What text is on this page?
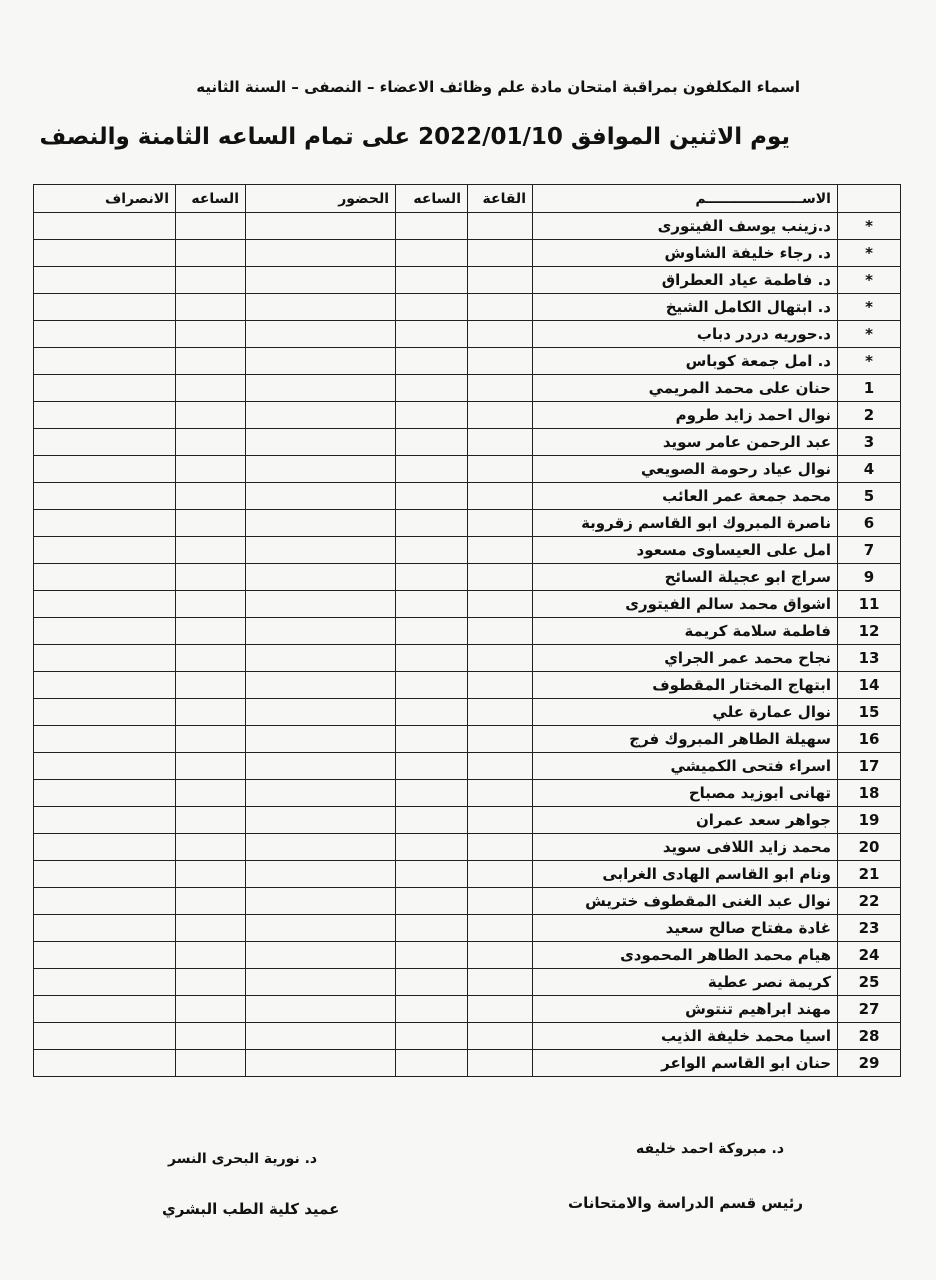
اسماء المكلفون بمراقبة امتحان مادة علم وظائف الاعضاء – النصفى – السنة الثانيه
يوم الاثنين الموافق 2022/01/10 على تمام الساعه الثامنة والنصف
	الاســــــــــــــــــــم	القاعة	الساعه	الحضور	الساعه	الانصراف
*	د.زينب يوسف الفيتورى					
*	د. رجاء خليفة الشاوش					
*	د. فاطمة عياد العطراق					
*	د. ابتهال الكامل الشيخ					
*	د.حوريه دردر دباب					
*	د. امل جمعة كوباس					
1	حنان على محمد المريمي					
2	نوال احمد زايد طروم					
3	عبد الرحمن عامر سويد					
4	نوال عياد رحومة الصويعي					
5	محمد جمعة عمر العائب					
6	ناصرة المبروك ابو القاسم زقروبة					
7	امل على العيساوى مسعود					
9	سراج ابو عجيلة السائح					
11	اشواق محمد سالم الفيتورى					
12	فاطمة سلامة كريمة					
13	نجاح محمد عمر الجراي					
14	ابتهاج المختار المقطوف					
15	نوال عمارة علي					
16	سهيلة الطاهر المبروك فرج					
17	اسراء فتحى الكميشي					
18	تهانى ابوزيد مصباح					
19	جواهر سعد عمران					
20	محمد زايد اللافى سويد					
21	ونام ابو القاسم الهادى الغرابى					
22	نوال عبد الغنى المقطوف ختريش					
23	غادة مفتاح صالح سعيد					
24	هيام محمد الطاهر المحمودى					
25	كريمة نصر عطية					
27	مهند ابراهيم تنتوش					
28	اسيا محمد خليفة الذيب					
29	حنان ابو القاسم الواعر					
د. مبروكة احمد خليفه
رئيس قسم الدراسة والامتحانات
د. نورية البحرى النسر
عميد كلية الطب البشري
